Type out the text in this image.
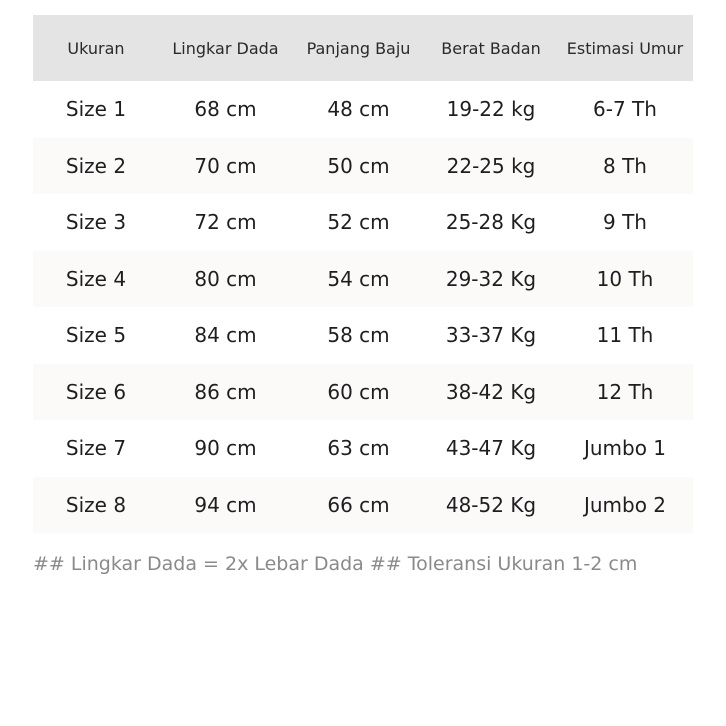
Ukuran	Lingkar Dada	Panjang Baju	Berat Badan	Estimasi Umur
Size 1	68 cm	48 cm	19-22 kg	6-7 Th
Size 2	70 cm	50 cm	22-25 kg	8 Th
Size 3	72 cm	52 cm	25-28 Kg	9 Th
Size 4	80 cm	54 cm	29-32 Kg	10 Th
Size 5	84 cm	58 cm	33-37 Kg	11 Th
Size 6	86 cm	60 cm	38-42 Kg	12 Th
Size 7	90 cm	63 cm	43-47 Kg	Jumbo 1
Size 8	94 cm	66 cm	48-52 Kg	Jumbo 2
## Lingkar Dada = 2x Lebar Dada ## Toleransi Ukuran 1-2 cm
